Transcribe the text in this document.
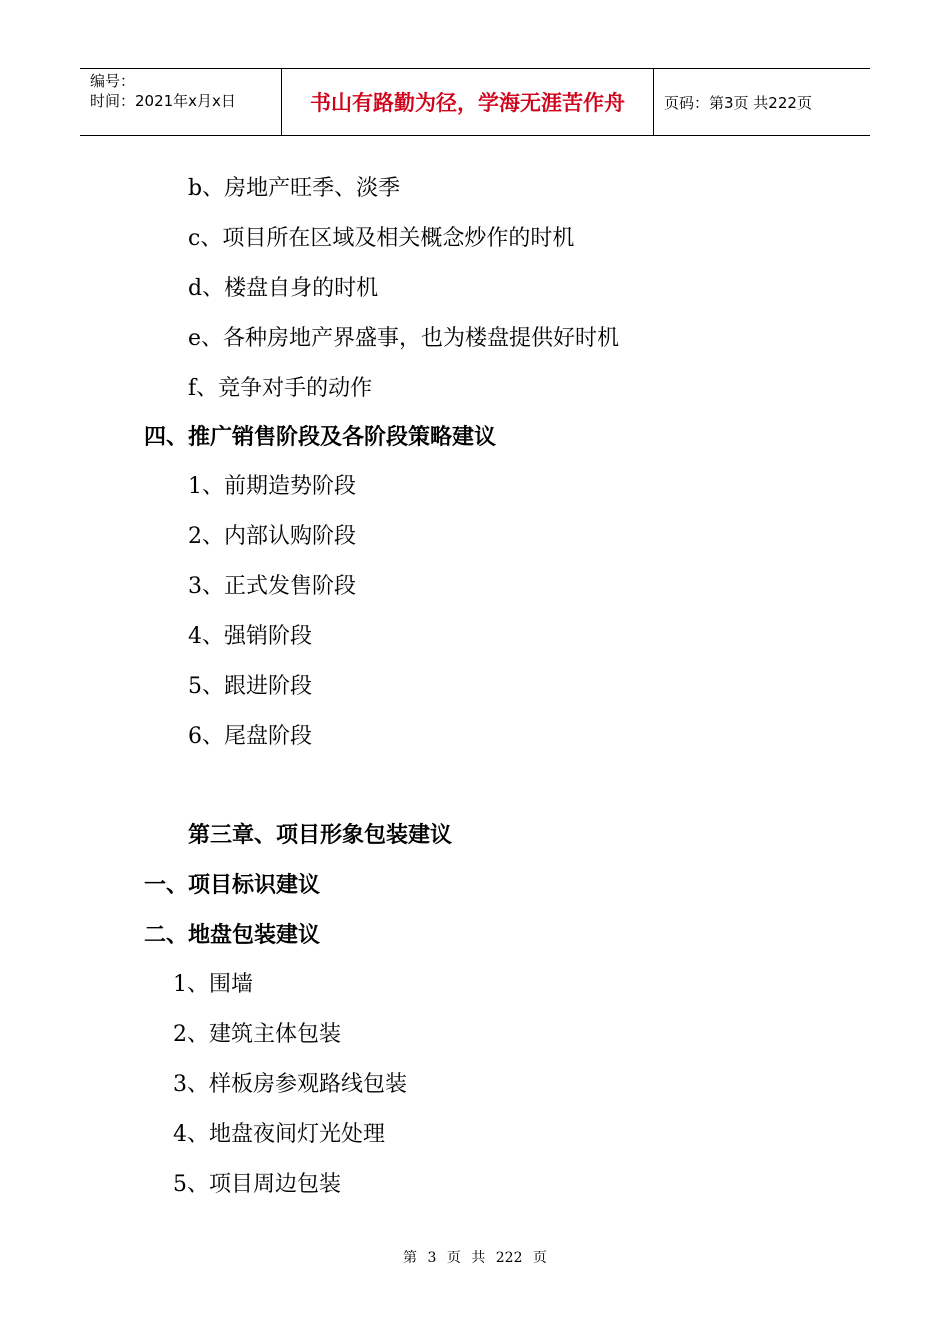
编号：
时间：2021年x月x日	书山有路勤为径，学海无涯苦作舟	页码：第3页 共222页
b、房地产旺季、淡季
c、项目所在区域及相关概念炒作的时机
d、楼盘自身的时机
e、各种房地产界盛事，也为楼盘提供好时机
f、竞争对手的动作
四、推广销售阶段及各阶段策略建议
1、前期造势阶段
2、内部认购阶段
3、正式发售阶段
4、强销阶段
5、跟进阶段
6、尾盘阶段
第三章、项目形象包装建议
一、项目标识建议
二、地盘包装建议
1、围墙
2、建筑主体包装
3、样板房参观路线包装
4、地盘夜间灯光处理
5、项目周边包装
第 3 页 共 222 页
